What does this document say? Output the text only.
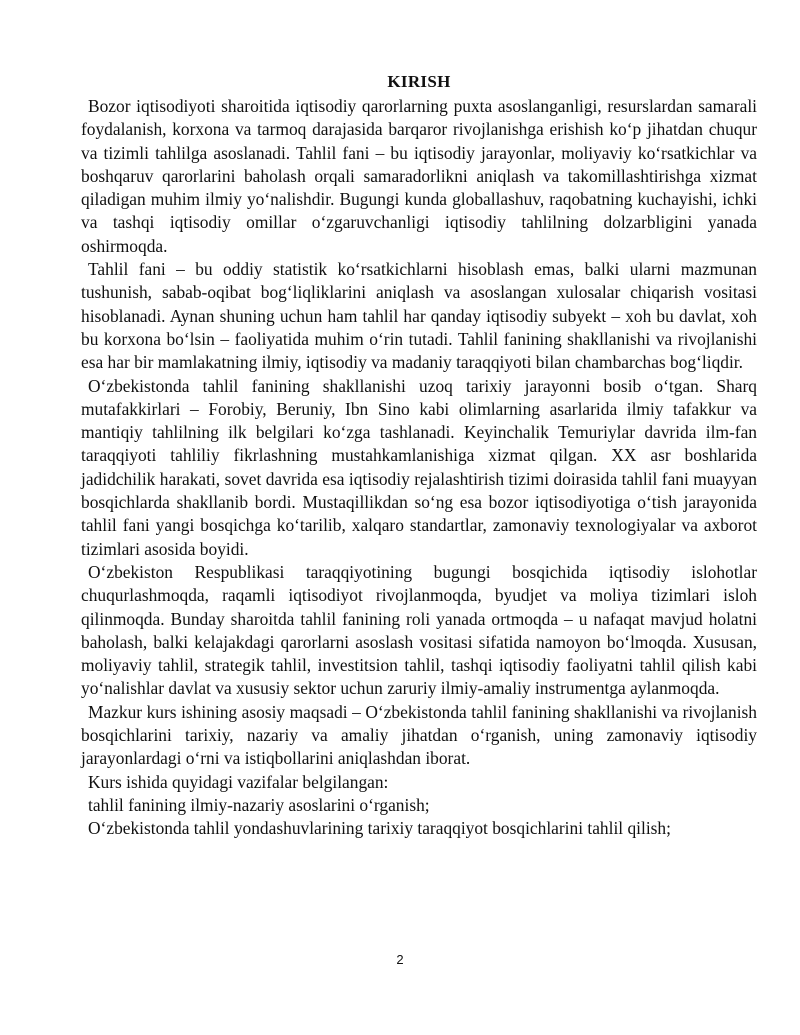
KIRISH

Bozor iqtisodiyoti sharoitida iqtisodiy qarorlarning puxta asoslanganligi, resurslardan samarali foydalanish, korxona va tarmoq darajasida barqaror rivojlanishga erishish ko‘p jihatdan chuqur va tizimli tahlilga asoslanadi. Tahlil fani – bu iqtisodiy jarayonlar, moliyaviy ko‘rsatkichlar va boshqaruv qarorlarini baholash orqali samaradorlikni aniqlash va takomillashtirishga xizmat qiladigan muhim ilmiy yo‘nalishdir. Bugungi kunda globallashuv, raqobatning kuchayishi, ichki va tashqi iqtisodiy omillar o‘zgaruvchanligi iqtisodiy tahlilning dolzarbligini yanada oshirmoqda.

Tahlil fani – bu oddiy statistik ko‘rsatkichlarni hisoblash emas, balki ularni mazmunan tushunish, sabab-oqibat bog‘liqliklarini aniqlash va asoslangan xulosalar chiqarish vositasi hisoblanadi. Aynan shuning uchun ham tahlil har qanday iqtisodiy subyekt – xoh bu davlat, xoh bu korxona bo‘lsin – faoliyatida muhim o‘rin tutadi. Tahlil fanining shakllanishi va rivojlanishi esa har bir mamlakatning ilmiy, iqtisodiy va madaniy taraqqiyoti bilan chambarchas bog‘liqdir.

O‘zbekistonda tahlil fanining shakllanishi uzoq tarixiy jarayonni bosib o‘tgan. Sharq mutafakkirlari – Forobiy, Beruniy, Ibn Sino kabi olimlarning asarlarida ilmiy tafakkur va mantiqiy tahlilning ilk belgilari ko‘zga tashlanadi. Keyinchalik Temuriylar davrida ilm-fan taraqqiyoti tahliliy fikrlashning mustahkamlanishiga xizmat qilgan. XX asr boshlarida jadidchilik harakati, sovet davrida esa iqtisodiy rejalashtirish tizimi doirasida tahlil fani muayyan bosqichlarda shakllanib bordi. Mustaqillikdan so‘ng esa bozor iqtisodiyotiga o‘tish jarayonida tahlil fani yangi bosqichga ko‘tarilib, xalqaro standartlar, zamonaviy texnologiyalar va axborot tizimlari asosida boyidi.

O‘zbekiston Respublikasi taraqqiyotining bugungi bosqichida iqtisodiy islohotlar chuqurlashmoqda, raqamli iqtisodiyot rivojlanmoqda, byudjet va moliya tizimlari isloh qilinmoqda. Bunday sharoitda tahlil fanining roli yanada ortmoqda – u nafaqat mavjud holatni baholash, balki kelajakdagi qarorlarni asoslash vositasi sifatida namoyon bo‘lmoqda. Xususan, moliyaviy tahlil, strategik tahlil, investitsion tahlil, tashqi iqtisodiy faoliyatni tahlil qilish kabi yo‘nalishlar davlat va xususiy sektor uchun zaruriy ilmiy-amaliy instrumentga aylanmoqda.

Mazkur kurs ishining asosiy maqsadi – O‘zbekistonda tahlil fanining shakllanishi va rivojlanish bosqichlarini tarixiy, nazariy va amaliy jihatdan o‘rganish, uning zamonaviy iqtisodiy jarayonlardagi o‘rni va istiqbollarini aniqlashdan iborat.

Kurs ishida quyidagi vazifalar belgilangan:

tahlil fanining ilmiy-nazariy asoslarini o‘rganish;

O‘zbekistonda tahlil yondashuvlarining tarixiy taraqqiyot bosqichlarini tahlil qilish;

2
